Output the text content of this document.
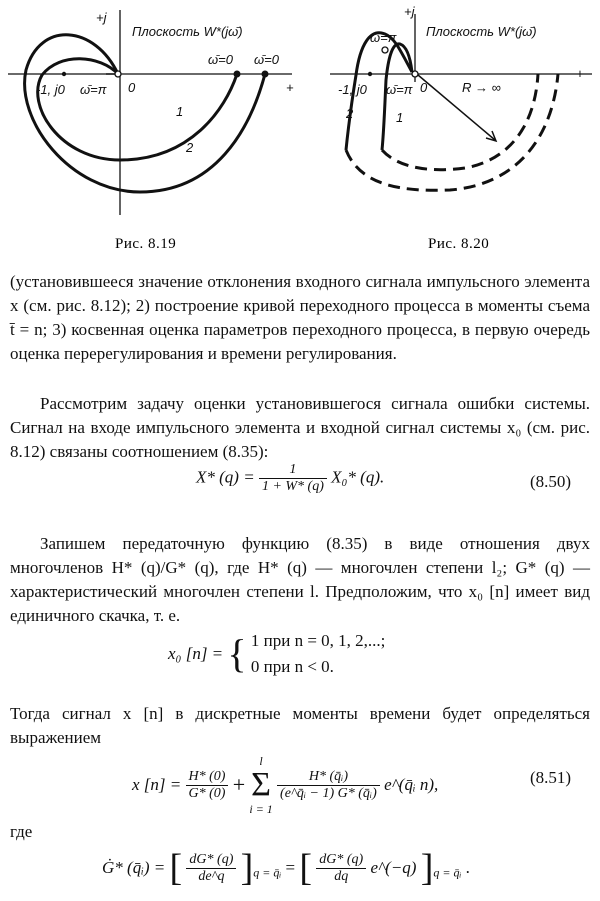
+j
Плоскость W*(jω̄)
-1, j0 ω̄=π 0
ω̄=0 ω̄=0
+
1
2
Рис. 8.19
+j
Плоскость W*(jω̄)
ω̄=π
-1, j0 ω̄=π 0	R → ∞
+
1
2
Рис. 8.20
(установившееся значение отклонения входного сигнала импульсного элемента x (см. рис. 8.12); 2) построение кривой переходного процесса в моменты съема t̄ = n; 3) косвенная оценка параметров переходного процесса, в первую очередь оценка перерегулирования и времени регулирования.
Рассмотрим задачу оценки установившегося сигнала ошибки системы. Сигнал на входе импульсного элемента и входной сигнал системы x₀ (см. рис. 8.12) связаны соотношением (8.35):
X* $(q) = \frac{1}{1 + W* (q)} X_0*$ (q).	(8.50)
Запишем передаточную функцию (8.35) в виде отношения двух многочленов H* (q)/G* (q), где H* (q) — многочлен степени l₂; G* (q) — характеристический многочлен степени l. Предположим, что x₀ [n] имеет вид единичного скачка, т. е.
x₀ [n] = { 1 при n = 0, 1, 2,...;
0 при n < 0.
Тогда сигнал x [n] в дискретные моменты времени будет определяться выражением
x $[n] = \frac{H* (0)}{G* (0)}$ +
l
Σ
i = 1

$\frac{\text{H* (q̄ᵢ)}}{\text{(e\textasciicircum{}q̄ᵢ − 1) G* (q̄ᵢ)}}$ e^(q̄ᵢ n),	(8.51)
где
Ġ* (q̄ᵢ) = [ $\frac{dG* (q)}{de\^{}q} ]_{q = q̄ᵢ}$ = [ $\frac{dG* (q)}{dq}$ e^(−q) ]$_{q = q̄ᵢ}$ .
